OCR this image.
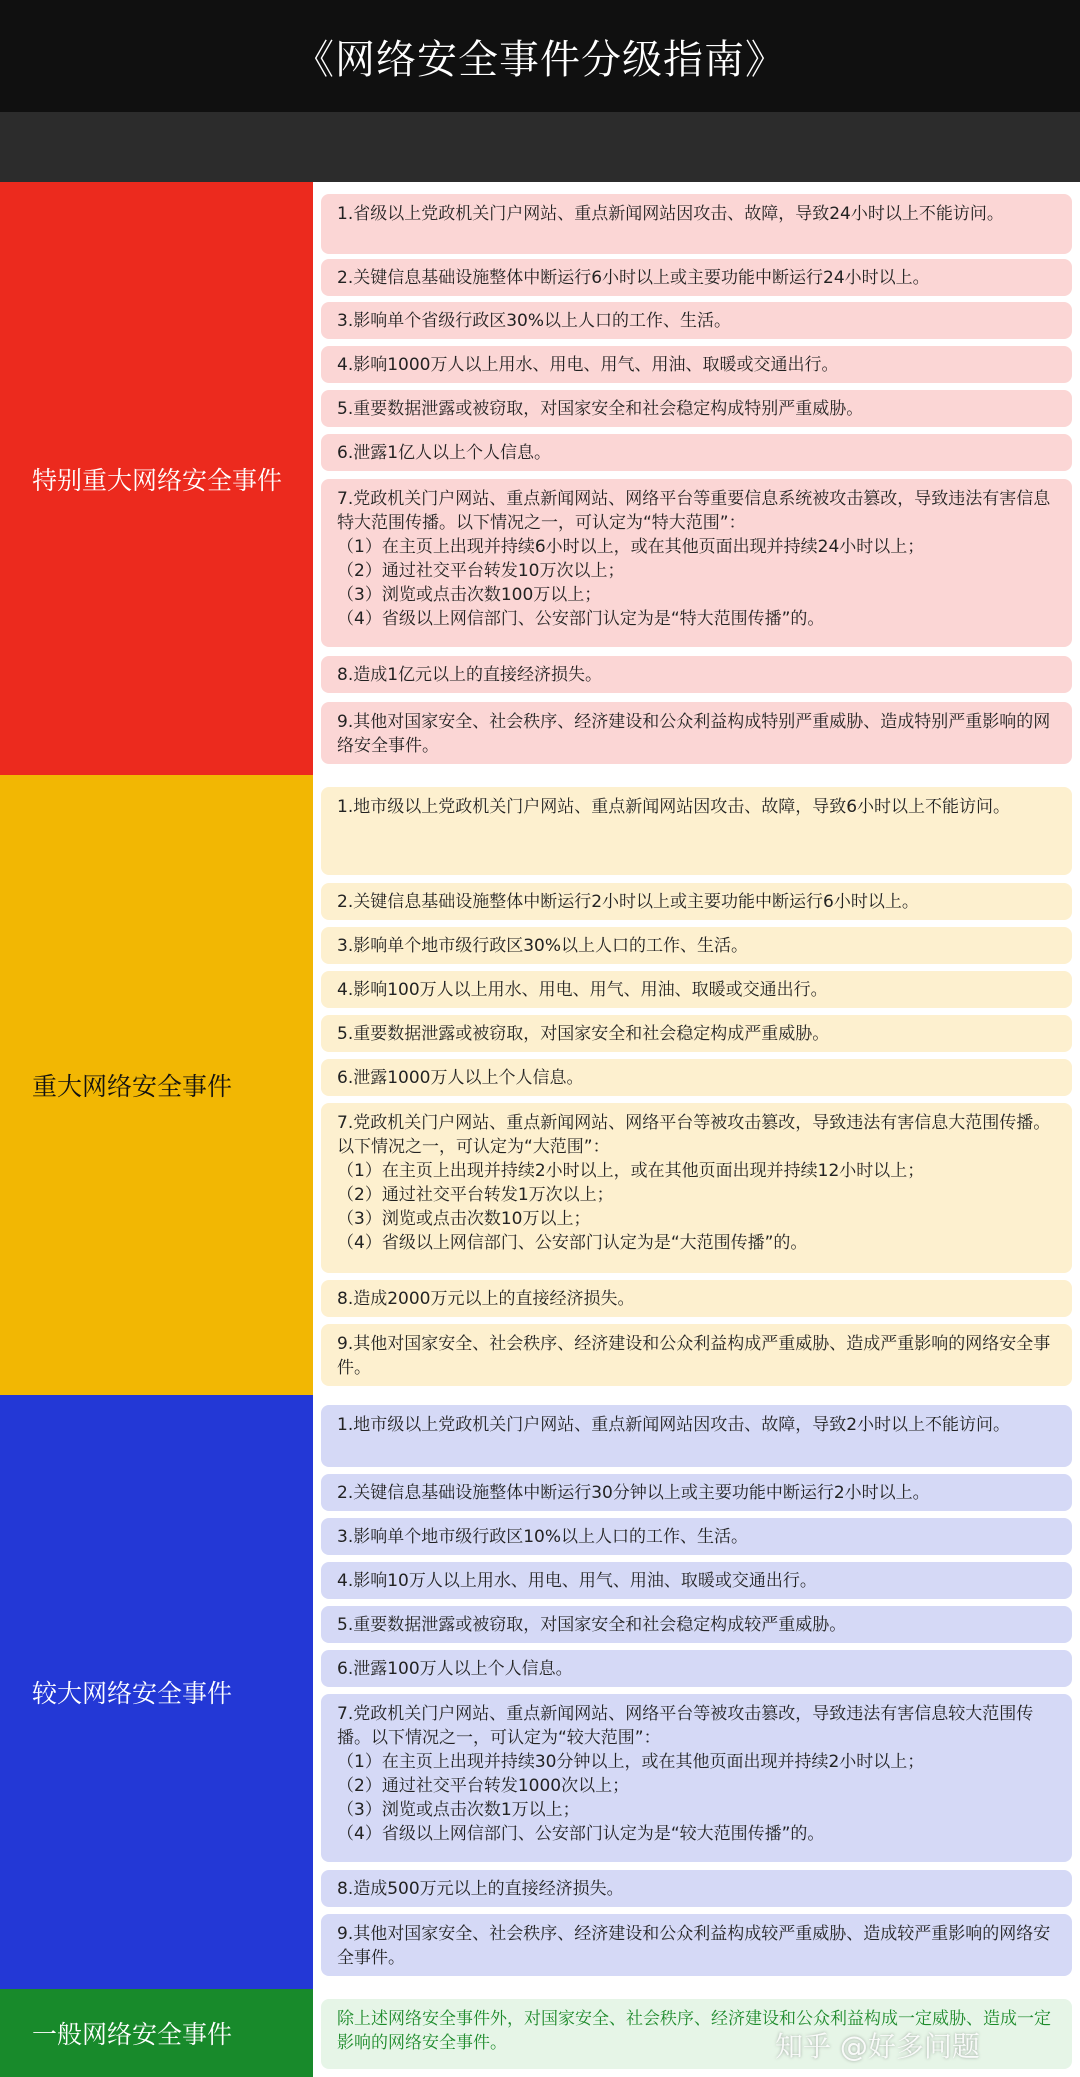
《网络安全事件分级指南》
特别重大网络安全事件
1.省级以上党政机关门户网站、重点新闻网站因攻击、故障，导致24小时以上不能访问。
2.关键信息基础设施整体中断运行6小时以上或主要功能中断运行24小时以上。
3.影响单个省级行政区30%以上人口的工作、生活。
4.影响1000万人以上用水、用电、用气、用油、取暖或交通出行。
5.重要数据泄露或被窃取，对国家安全和社会稳定构成特别严重威胁。
6.泄露1亿人以上个人信息。
7.党政机关门户网站、重点新闻网站、网络平台等重要信息系统被攻击篡改，导致违法有害信息特大范围传播。以下情况之一，可认定为“特大范围”：
（1）在主页上出现并持续6小时以上，或在其他页面出现并持续24小时以上；
（2）通过社交平台转发10万次以上；
（3）浏览或点击次数100万以上；
（4）省级以上网信部门、公安部门认定为是“特大范围传播”的。
8.造成1亿元以上的直接经济损失。
9.其他对国家安全、社会秩序、经济建设和公众利益构成特别严重威胁、造成特别严重影响的网络安全事件。
重大网络安全事件
1.地市级以上党政机关门户网站、重点新闻网站因攻击、故障，导致6小时以上不能访问。
2.关键信息基础设施整体中断运行2小时以上或主要功能中断运行6小时以上。
3.影响单个地市级行政区30%以上人口的工作、生活。
4.影响100万人以上用水、用电、用气、用油、取暖或交通出行。
5.重要数据泄露或被窃取，对国家安全和社会稳定构成严重威胁。
6.泄露1000万人以上个人信息。
7.党政机关门户网站、重点新闻网站、网络平台等被攻击篡改，导致违法有害信息大范围传播。以下情况之一，可认定为“大范围”：
（1）在主页上出现并持续2小时以上，或在其他页面出现并持续12小时以上；
（2）通过社交平台转发1万次以上；
（3）浏览或点击次数10万以上；
（4）省级以上网信部门、公安部门认定为是“大范围传播”的。
8.造成2000万元以上的直接经济损失。
9.其他对国家安全、社会秩序、经济建设和公众利益构成严重威胁、造成严重影响的网络安全事件。
较大网络安全事件
1.地市级以上党政机关门户网站、重点新闻网站因攻击、故障，导致2小时以上不能访问。
2.关键信息基础设施整体中断运行30分钟以上或主要功能中断运行2小时以上。
3.影响单个地市级行政区10%以上人口的工作、生活。
4.影响10万人以上用水、用电、用气、用油、取暖或交通出行。
5.重要数据泄露或被窃取，对国家安全和社会稳定构成较严重威胁。
6.泄露100万人以上个人信息。
7.党政机关门户网站、重点新闻网站、网络平台等被攻击篡改，导致违法有害信息较大范围传播。以下情况之一，可认定为“较大范围”：
（1）在主页上出现并持续30分钟以上，或在其他页面出现并持续2小时以上；
（2）通过社交平台转发1000次以上；
（3）浏览或点击次数1万以上；
（4）省级以上网信部门、公安部门认定为是“较大范围传播”的。
8.造成500万元以上的直接经济损失。
9.其他对国家安全、社会秩序、经济建设和公众利益构成较严重威胁、造成较严重影响的网络安全事件。
一般网络安全事件
除上述网络安全事件外，对国家安全、社会秩序、经济建设和公众利益构成一定威胁、造成一定影响的网络安全事件。	知乎 @好多问题
